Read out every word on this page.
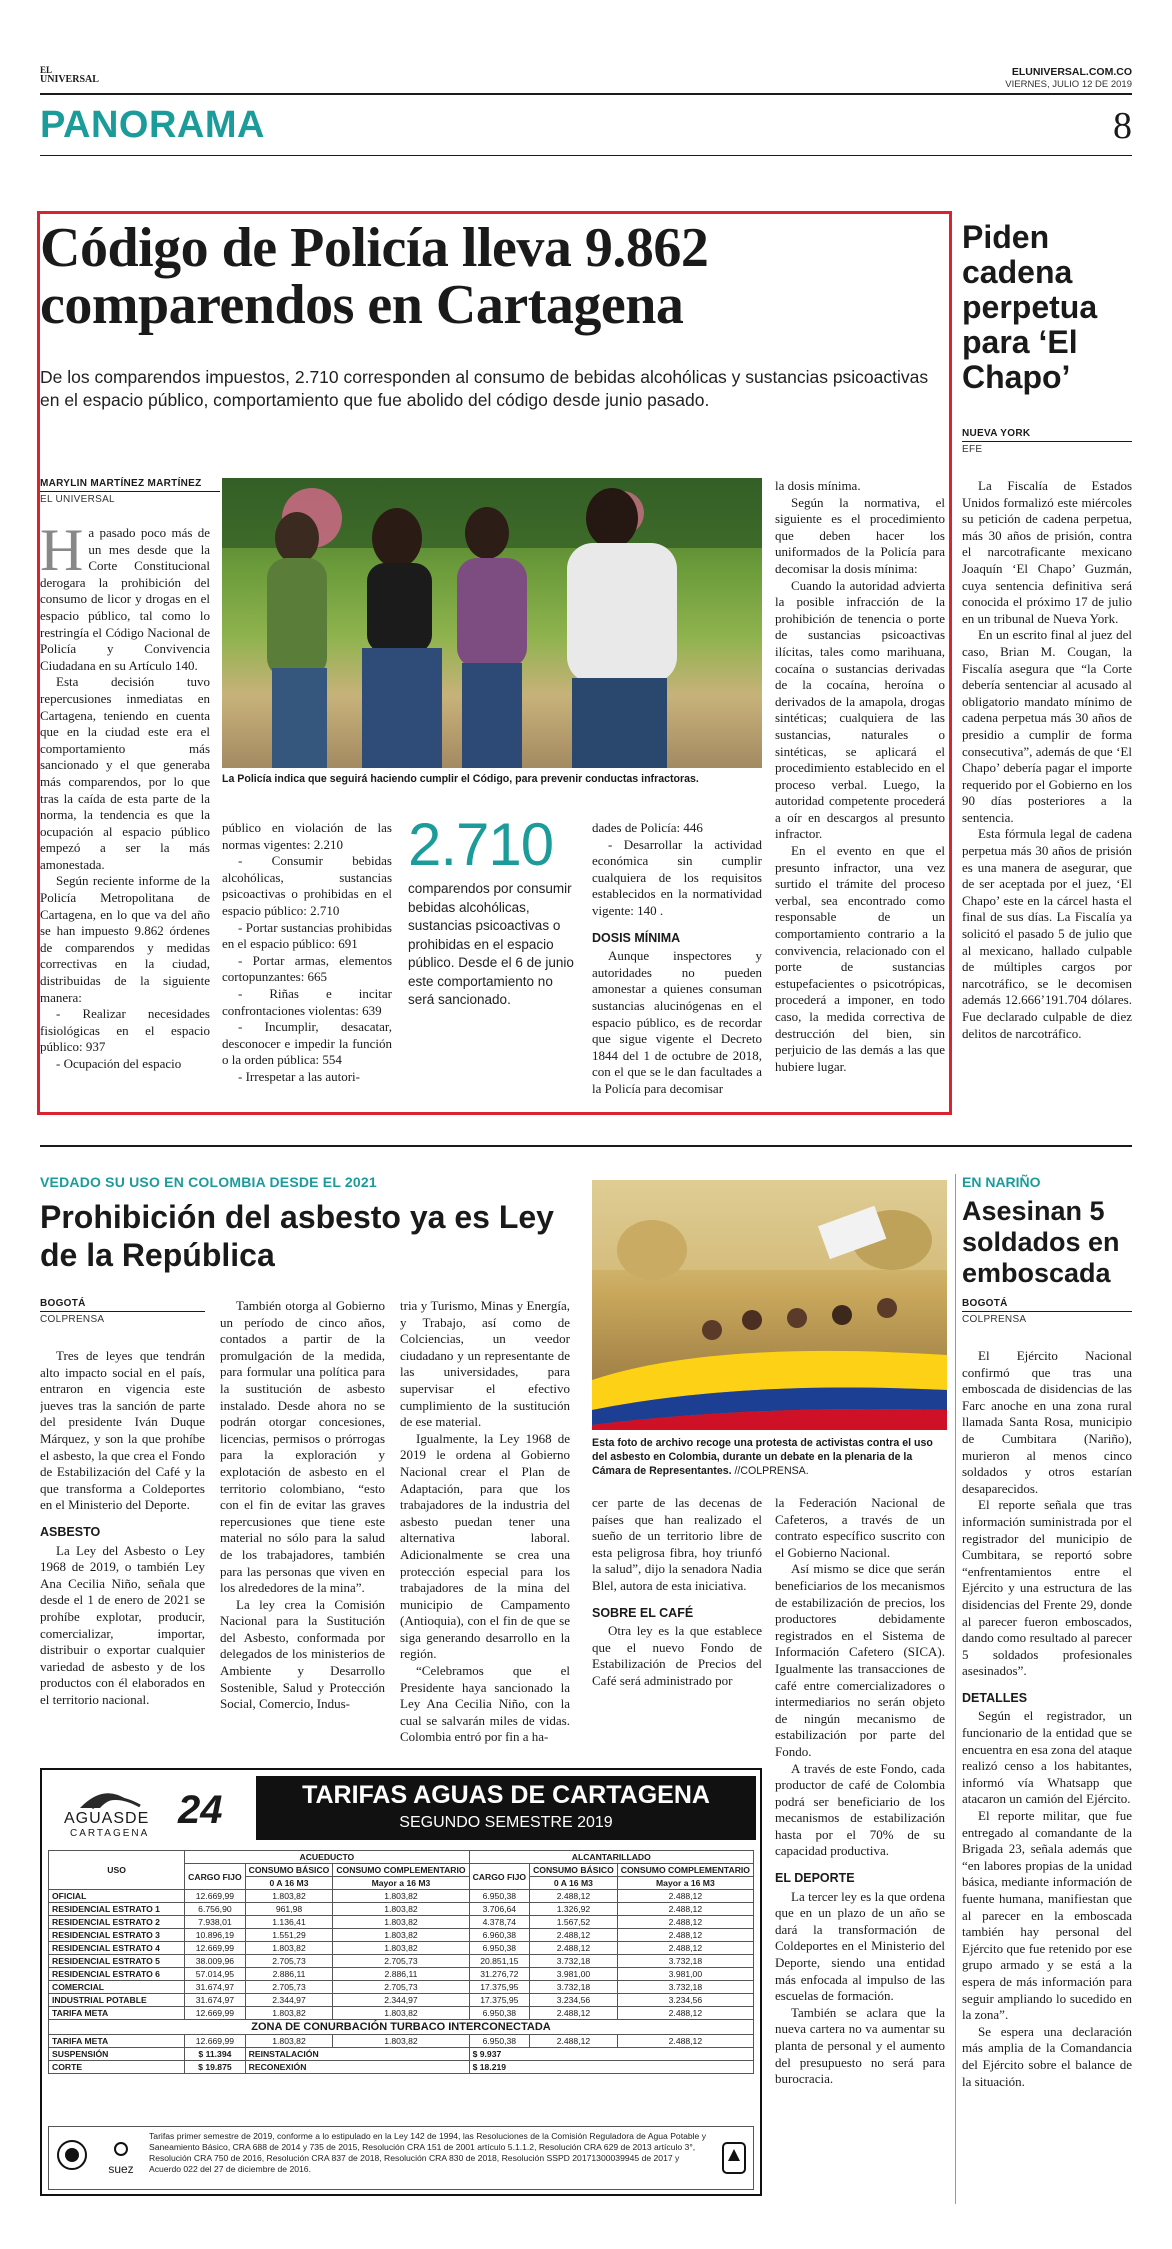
EL
UNIVERSAL
ELUNIVERSAL.COM.CO
VIERNES, JULIO 12 DE 2019
PANORAMA	8
Código de Policía lleva 9.862 comparendos en Cartagena
De los comparendos impuestos, 2.710 corresponden al consumo de bebidas alcohólicas y sustancias psicoactivas en el espacio público, comportamiento que fue abolido del código desde junio pasado.
MARYLIN MARTÍNEZ MARTÍNEZ
EL UNIVERSAL

Ha pasado poco más de un mes desde que la Corte Constitucional derogara la prohibición del consumo de licor y drogas en el espacio público, tal como lo restringía el Código Nacional de Policía y Convivencia Ciudadana en su Artículo 140.

Esta decisión tuvo repercusiones inmediatas en Cartagena, teniendo en cuenta que en la ciudad este era el comportamiento más sancionado y el que generaba más comparendos, por lo que tras la caída de esta parte de la norma, la tendencia es que la ocupación al espacio público empezó a ser la más amonestada.

Según reciente informe de la Policía Metropolitana de Cartagena, en lo que va del año se han impuesto 9.862 órdenes de comparendos y medidas correctivas en la ciudad, distribuidas de la siguiente manera:

- Realizar necesidades fisiológicas en el espacio público: 937

- Ocupación del espacio

La Policía indica que seguirá haciendo cumplir el Código, para prevenir conductas infractoras.

público en violación de las normas vigentes: 2.210

- Consumir bebidas alcohólicas, sustancias psicoactivas o prohibidas en el espacio público: 2.710

- Portar sustancias prohibidas en el espacio público: 691

- Portar armas, elementos cortopunzantes: 665

- Riñas e incitar confrontaciones violentas: 639

- Incumplir, desacatar, desconocer e impedir la función o la orden pública: 554

- Irrespetar a las autori-

2.710
comparendos por consumir bebidas alcohólicas, sustancias psicoactivas o prohibidas en el espacio público. Desde el 6 de junio este comportamiento no será sancionado.

dades de Policía: 446

- Desarrollar la actividad económica sin cumplir cualquiera de los requisitos establecidos en la normatividad vigente: 140 .

DOSIS MÍNIMA

Aunque inspectores y autoridades no pueden amonestar a quienes consuman sustancias alucinógenas en el espacio público, es de recordar que sigue vigente el Decreto 1844 del 1 de octubre de 2018, con el que se le dan facultades a la Policía para decomisar

la dosis mínima.

Según la normativa, el siguiente es el procedimiento que deben hacer los uniformados de la Policía para decomisar la dosis mínima:

Cuando la autoridad advierta la posible infracción de la prohibición de tenencia o porte de sustancias psicoactivas ilícitas, tales como marihuana, cocaína o sustancias derivadas de la cocaína, heroína o derivados de la amapola, drogas sintéticas; cualquiera de las sustancias, naturales o sintéticas, se aplicará el procedimiento establecido en el proceso verbal. Luego, la autoridad competente procederá a oír en descargos al presunto infractor.

En el evento en que el presunto infractor, una vez surtido el trámite del proceso verbal, sea encontrado como responsable de un comportamiento contrario a la convivencia, relacionado con el porte de sustancias estupefacientes o psicotrópicas, procederá a imponer, en todo caso, la medida correctiva de destrucción del bien, sin perjuicio de las demás a las que hubiere lugar.

Piden cadena perpetua para ‘El Chapo’
NUEVA YORK
EFE

La Fiscalía de Estados Unidos formalizó este miércoles su petición de cadena perpetua, más 30 años de prisión, contra el narcotraficante mexicano Joaquín ‘El Chapo’ Guzmán, cuya sentencia definitiva será conocida el próximo 17 de julio en un tribunal de Nueva York.

En un escrito final al juez del caso, Brian M. Cougan, la Fiscalía asegura que “la Corte debería sentenciar al acusado al obligatorio mandato mínimo de cadena perpetua más 30 años de presidio a cumplir de forma consecutiva”, además de que ‘El Chapo’ debería pagar el importe requerido por el Gobierno en los 90 días posteriores a la sentencia.

Esta fórmula legal de cadena perpetua más 30 años de prisión es una manera de asegurar, que de ser aceptada por el juez, ‘El Chapo’ este en la cárcel hasta el final de sus días. La Fiscalía ya solicitó el pasado 5 de julio que al mexicano, hallado culpable de múltiples cargos por narcotráfico, se le decomisen además 12.666’191.704 dólares. Fue declarado culpable de diez delitos de narcotráfico.

VEDADO SU USO EN COLOMBIA DESDE EL 2021
Prohibición del asbesto ya es Ley de la República
BOGOTÁ
COLPRENSA

Tres de leyes que tendrán alto impacto social en el país, entraron en vigencia este jueves tras la sanción de parte del presidente Iván Duque Márquez, y son la que prohíbe el asbesto, la que crea el Fondo de Estabilización del Café y la que transforma a Coldeportes en el Ministerio del Deporte.

ASBESTO

La Ley del Asbesto o Ley 1968 de 2019, o también Ley Ana Cecilia Niño, señala que desde el 1 de enero de 2021 se prohíbe explotar, producir, comercializar, importar, distribuir o exportar cualquier variedad de asbesto y de los productos con él elaborados en el territorio nacional.

También otorga al Gobierno un período de cinco años, contados a partir de la promulgación de la medida, para formular una política para la sustitución de asbesto instalado. Desde ahora no se podrán otorgar concesiones, licencias, permisos o prórrogas para la exploración y explotación de asbesto en el territorio colombiano, “esto con el fin de evitar las graves repercusiones que tiene este material no sólo para la salud de los trabajadores, también para las personas que viven en los alrededores de la mina”.

La ley crea la Comisión Nacional para la Sustitución del Asbesto, conformada por delegados de los ministerios de Ambiente y Desarrollo Sostenible, Salud y Protección Social, Comercio, Indus-

tria y Turismo, Minas y Energía, y Trabajo, así como de Colciencias, un veedor ciudadano y un representante de las universidades, para supervisar el efectivo cumplimiento de la sustitución de ese material.

Igualmente, la Ley 1968 de 2019 le ordena al Gobierno Nacional crear el Plan de Adaptación, para que los trabajadores de la industria del asbesto puedan tener una alternativa laboral. Adicionalmente se crea una protección especial para los trabajadores de la mina del municipio de Campamento (Antioquia), con el fin de que se siga generando desarrollo en la región.

“Celebramos que el Presidente haya sancionado la Ley Ana Cecilia Niño, con la cual se salvarán miles de vidas. Colombia entró por fin a ha-

Esta foto de archivo recoge una protesta de activistas contra el uso del asbesto en Colombia, durante un debate en la plenaria de la Cámara de Representantes. //COLPRENSA.

cer parte de las decenas de países que han realizado el sueño de un territorio libre de esta peligrosa fibra, hoy triunfó la salud”, dijo la senadora Nadia Blel, autora de esta iniciativa.

SOBRE EL CAFÉ

Otra ley es la que establece que el nuevo Fondo de Estabilización de Precios del Café será administrado por

la Federación Nacional de Cafeteros, a través de un contrato específico suscrito con el Gobierno Nacional.

Así mismo se dice que serán beneficiarios de los mecanismos de estabilización de precios, los productores debidamente registrados en el Sistema de Información Cafetero (SICA). Igualmente las transacciones de café entre comercializadores o intermediarios no serán objeto de ningún mecanismo de estabilización por parte del Fondo.

A través de este Fondo, cada productor de café de Colombia podrá ser beneficiario de los mecanismos de estabilización hasta por el 70% de su capacidad productiva.

EL DEPORTE

La tercer ley es la que ordena que en un plazo de un año se dará la transformación de Coldeportes en el Ministerio del Deporte, siendo una entidad más enfocada al impulso de las escuelas de formación.

También se aclara que la nueva cartera no va aumentar su planta de personal y el aumento del presupuesto no será para burocracia.

EN NARIÑO
Asesinan 5 soldados en emboscada
BOGOTÁ
COLPRENSA

El Ejército Nacional confirmó que tras una emboscada de disidencias de las Farc anoche en una zona rural llamada Santa Rosa, municipio de Cumbitara (Nariño), murieron al menos cinco soldados y otros estarían desaparecidos.

El reporte señala que tras información suministrada por el registrador del municipio de Cumbitara, se reportó sobre “enfrentamientos entre el Ejército y una estructura de las disidencias del Frente 29, donde al parecer fueron emboscados, dando como resultado al parecer 5 soldados profesionales asesinados”.

DETALLES

Según el registrador, un funcionario de la entidad que se encuentra en esa zona del ataque realizó censo a los habitantes, informó vía Whatsapp que atacaron un camión del Ejército.

El reporte militar, que fue entregado al comandante de la Brigada 23, señala además que “en labores propias de la unidad básica, mediante información de fuente humana, manifiestan que al parecer en la emboscada también hay personal del Ejército que fue retenido por ese grupo armado y se está a la espera de más información para seguir ampliando lo sucedido en la zona”.

Se espera una declaración más amplia de la Comandancia del Ejército sobre el balance de la situación.

AGUASDE
CARTAGENA
24	TARIFAS AGUAS DE CARTAGENA
SEGUNDO SEMESTRE 2019
USO	ACUEDUCTO			ALCANTARILLADO		
	CARGO FIJO	CONSUMO BÁSICO	CONSUMO COMPLEMENTARIO	CARGO FIJO	CONSUMO BÁSICO	CONSUMO COMPLEMENTARIO
		0 A 16 M3	Mayor a 16 M3		0 A 16 M3	Mayor a 16 M3
OFICIAL	12.669,99	1.803,82	1.803,82	6.950,38	2.488,12	2.488,12
RESIDENCIAL ESTRATO 1	6.756,90	961,98	1.803,82	3.706,64	1.326,92	2.488,12
RESIDENCIAL ESTRATO 2	7.938,01	1.136,41	1.803,82	4.378,74	1.567,52	2.488,12
RESIDENCIAL ESTRATO 3	10.896,19	1.551,29	1.803,82	6.960,38	2.488,12	2.488,12
RESIDENCIAL ESTRATO 4	12.669,99	1.803,82	1.803,82	6.950,38	2.488,12	2.488,12
RESIDENCIAL ESTRATO 5	38.009,96	2.705,73	2.705,73	20.851,15	3.732,18	3.732,18
RESIDENCIAL ESTRATO 6	57.014,95	2.886,11	2.886,11	31.276,72	3.981,00	3.981,00
COMERCIAL	31.674,97	2.705,73	2.705,73	17.375,95	3.732,18	3.732,18
INDUSTRIAL POTABLE	31.674,97	2.344,97	2.344,97	17.375,95	3.234,56	3.234,56
TARIFA META	12.669,99	1.803,82	1.803,82	6.950,38	2.488,12	2.488,12
ZONA DE CONURBACIÓN TURBACO INTERCONECTADA						
TARIFA META	12.669,99	1.803,82	1.803,82	6.950,38	2.488,12	2.488,12
SUSPENSIÓN	$ 11.394	REINSTALACIÓN		$ 9.937		
CORTE	$ 19.875	RECONEXIÓN		$ 18.219		
suez
Tarifas primer semestre de 2019, conforme a lo estipulado en la Ley 142 de 1994, las Resoluciones de la Comisión Reguladora de Agua Potable y Saneamiento Básico, CRA 688 de 2014 y 735 de 2015, Resolución CRA 151 de 2001 artículo 5.1.1.2, Resolución CRA 629 de 2013 artículo 3°, Resolución CRA 750 de 2016, Resolución CRA 837 de 2018, Resolución CRA 830 de 2018, Resolución SSPD 20171300039945 de 2017 y Acuerdo 022 del 27 de diciembre de 2016.
